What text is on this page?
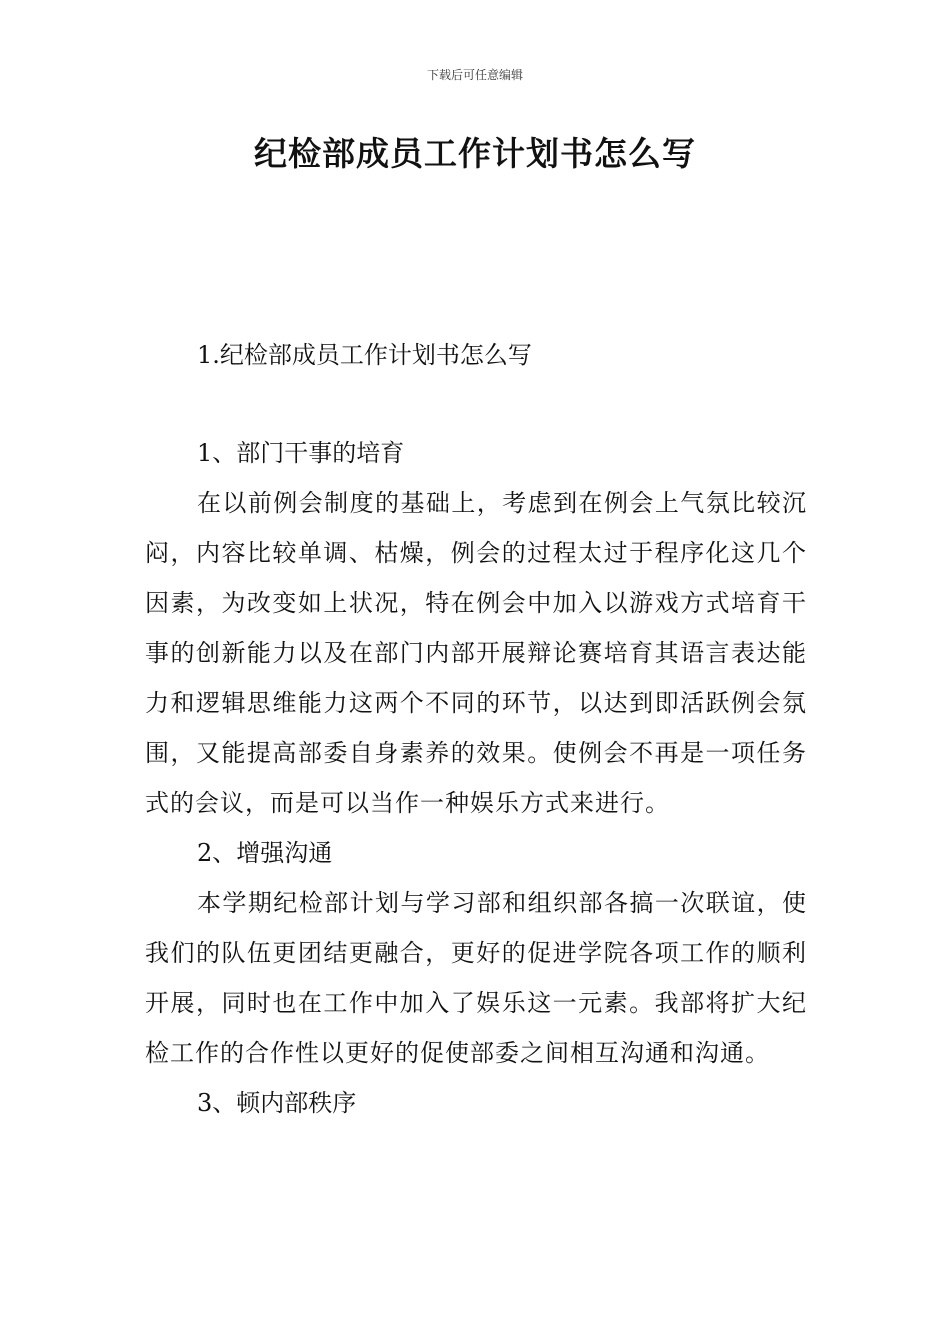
下载后可任意编辑
纪检部成员工作计划书怎么写

1.纪检部成员工作计划书怎么写

1、部门干事的培育

在以前例会制度的基础上，考虑到在例会上气氛比较沉闷，内容比较单调、枯燥，例会的过程太过于程序化这几个因素，为改变如上状况，特在例会中加入以游戏方式培育干事的创新能力以及在部门内部开展辩论赛培育其语言表达能力和逻辑思维能力这两个不同的环节，以达到即活跃例会氛围，又能提高部委自身素养的效果。使例会不再是一项任务式的会议，而是可以当作一种娱乐方式来进行。

2、增强沟通

本学期纪检部计划与学习部和组织部各搞一次联谊，使我们的队伍更团结更融合，更好的促进学院各项工作的顺利开展，同时也在工作中加入了娱乐这一元素。我部将扩大纪检工作的合作性以更好的促使部委之间相互沟通和沟通。

3、顿内部秩序
